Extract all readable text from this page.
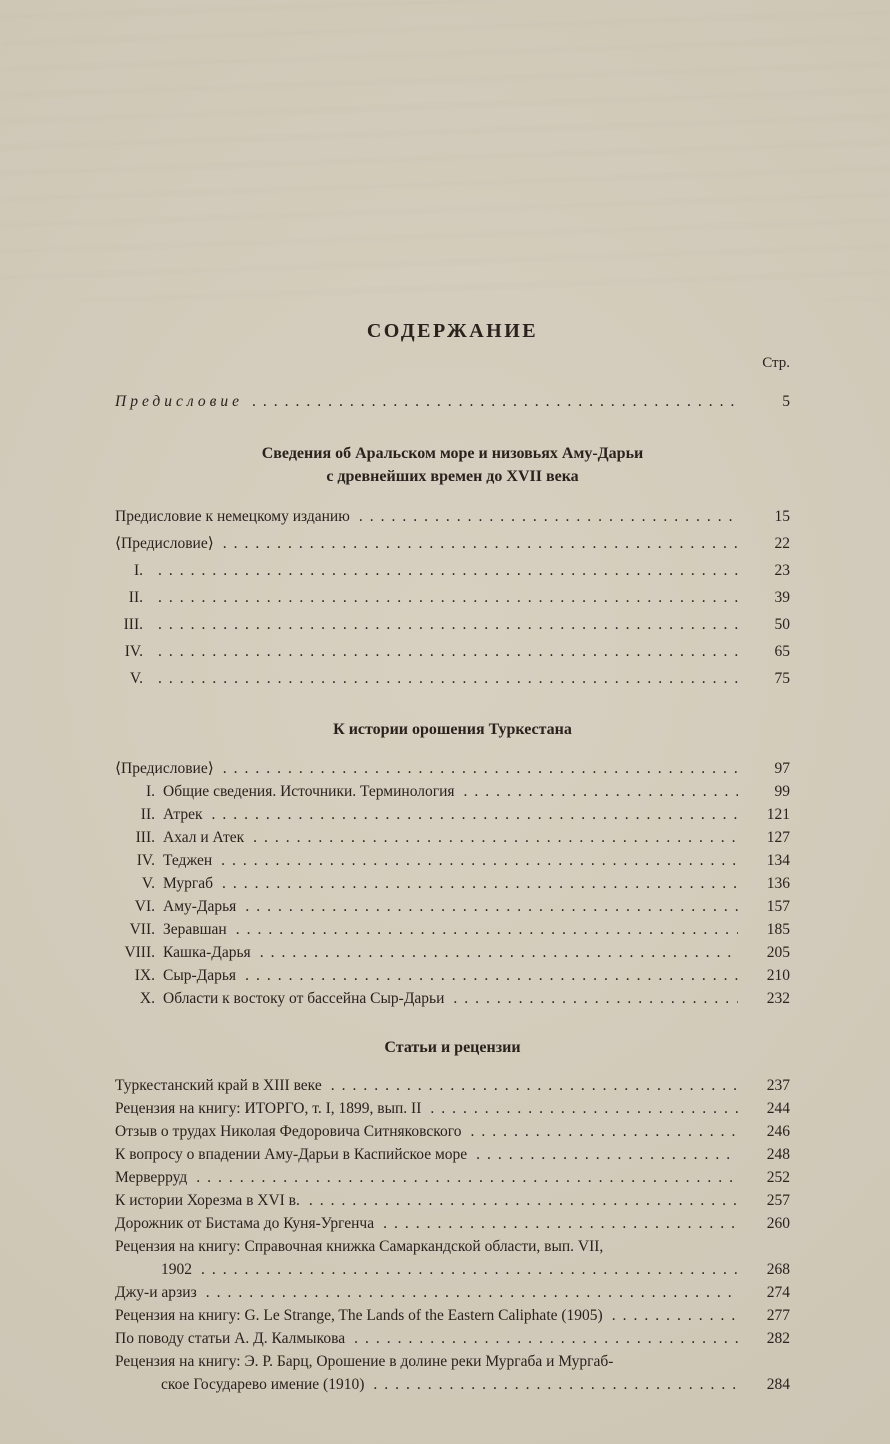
СОДЕРЖАНИЕ
Стр.
Предисловие .....	5
Сведения об Аральском море и низовьях Аму-Дарьи
с древнейших времен до XVII века
Предисловие к немецкому изданию .....	15
⟨Предисловие⟩ .....	22
I. .....	23
II. .....	39
III. .....	50
IV. .....	65
V. .....	75
К истории орошения Туркестана
⟨Предисловие⟩ .....	97
I. Общие сведения. Источники. Терминология .....	99
II. Атрек .....	121
III. Ахал и Атек .....	127
IV. Теджен .....	134
V. Мургаб .....	136
VI. Аму-Дарья .....	157
VII. Зеравшан .....	185
VIII. Кашка-Дарья .....	205
IX. Сыр-Дарья .....	210
X. Области к востоку от бассейна Сыр-Дарьи .....	232
Статьи и рецензии
Туркестанский край в XIII веке .....	237
Рецензия на книгу: ИТОРГО, т. I, 1899, вып. II .....	244
Отзыв о трудах Николая Федоровича Ситняковского .....	246
К вопросу о впадении Аму-Дарьи в Каспийское море .....	248
Мерверруд .....	252
К истории Хорезма в XVI в. .....	257
Дорожник от Бистама до Куня-Ургенча .....	260
Рецензия на книгу: Справочная книжка Самаркандской области, вып. VII,
1902 .....	268
Джу-и арзиз .....	274
Рецензия на книгу: G. Le Strange, The Lands of the Eastern Caliphate (1905) .....	277
По поводу статьи А. Д. Калмыкова .....	282
Рецензия на книгу: Э. Р. Барц, Орошение в долине реки Мургаба и Мургаб-
ское Государево имение (1910) .....	284
